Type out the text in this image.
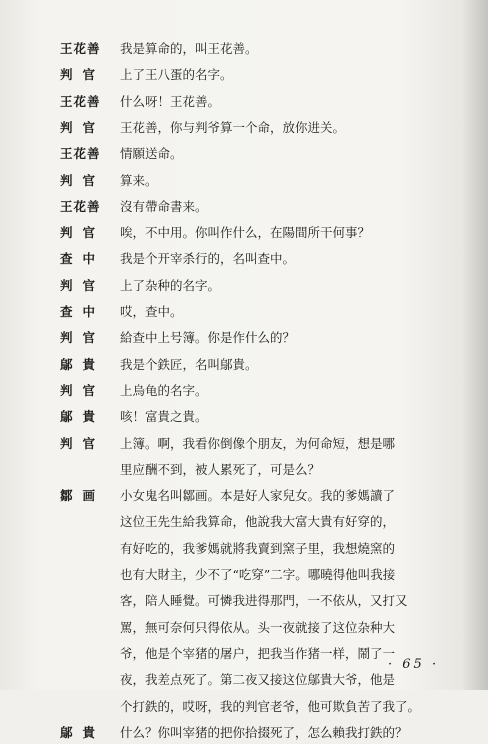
王花善	我是算命的，叫王花善。
判官	上了王八蛋的名字。
王花善	什么呀！王花善。
判官	王花善，你与判爷算一个命，放你进关。
王花善	情願送命。
判官	算来。
王花善	沒有帶命書来。
判官	唉，不中用。你叫作什么，在陽間所干何事？
查中	我是个开宰杀行的，名叫查中。
判官	上了杂种的名字。
查中	哎，查中。
判官	給查中上号簿。你是作什么的？
鄔貴	我是个鉄匠，名叫鄔貴。
判官	上烏龟的名字。
鄔貴	咳！富貴之貴。
判官	上簿。啊，我看你倒像个朋友，为何命短，想是哪
里应酬不到，被人累死了，可是么？
鄒画	小女鬼名叫鄒画。本是好人家兒女。我的爹媽讀了
这位王先生給我算命，他說我大富大貴有好穿的，
有好吃的，我爹媽就將我賣到窯子里，我想燒窯的
也有大財主，少不了“吃穿”二字。哪曉得他叫我接
客，陪人睡覺。可憐我进得那門，一不依从，又打又
罵，無可奈何只得依从。头一夜就接了这位杂种大
爷，他是个宰猪的屠户，把我当作猪一样，鬧了一
夜，我差点死了。第二夜又接这位鄔貴大爷，他是
个打鉄的，哎呀，我的判官老爷，他可欺負苦了我了。
鄔貴	什么？你叫宰猪的把你拾掇死了，怎么賴我打鉄的？
· 65 ·
